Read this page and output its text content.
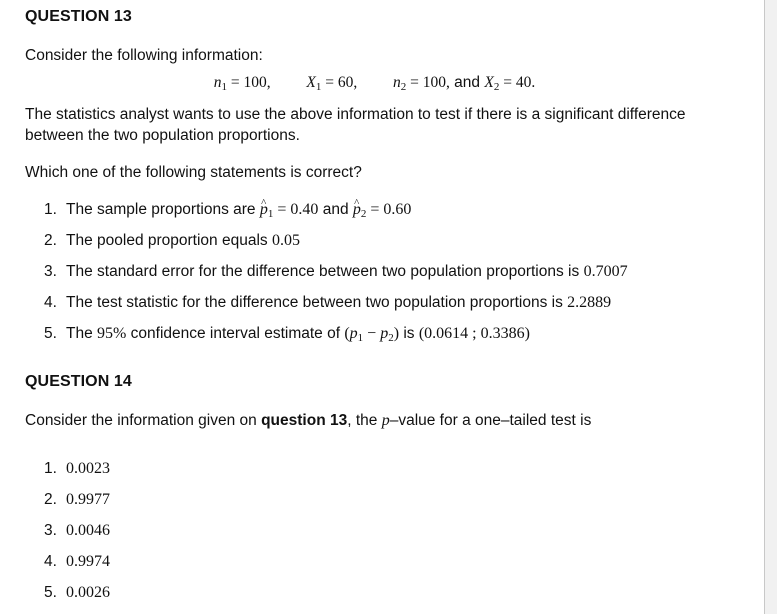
QUESTION 13
Consider the following information:
$n_1 = 100$, $X_1 = 60$, $n_2 = 100$, and $X_2 = 40$.
The statistics analyst wants to use the above information to test if there is a significant difference between the two population proportions.
Which one of the following statements is correct?
1. The sample proportions are ^ $p_1 = 0.40$ and ^ $p_2 = 0.60$
2. The pooled proportion equals 0.05
3. The standard error for the difference between two population proportions is 0.7007
4. The test statistic for the difference between two population proportions is 2.2889
5. The 95% confidence interval estimate of $(p_1 - p_2)$ is (0.0614 ; 0.3386)
QUESTION 14
Consider the information given on question 13, the p–value for a one–tailed test is
1. 0.0023
2. 0.9977
3. 0.0046
4. 0.9974
5. 0.0026
